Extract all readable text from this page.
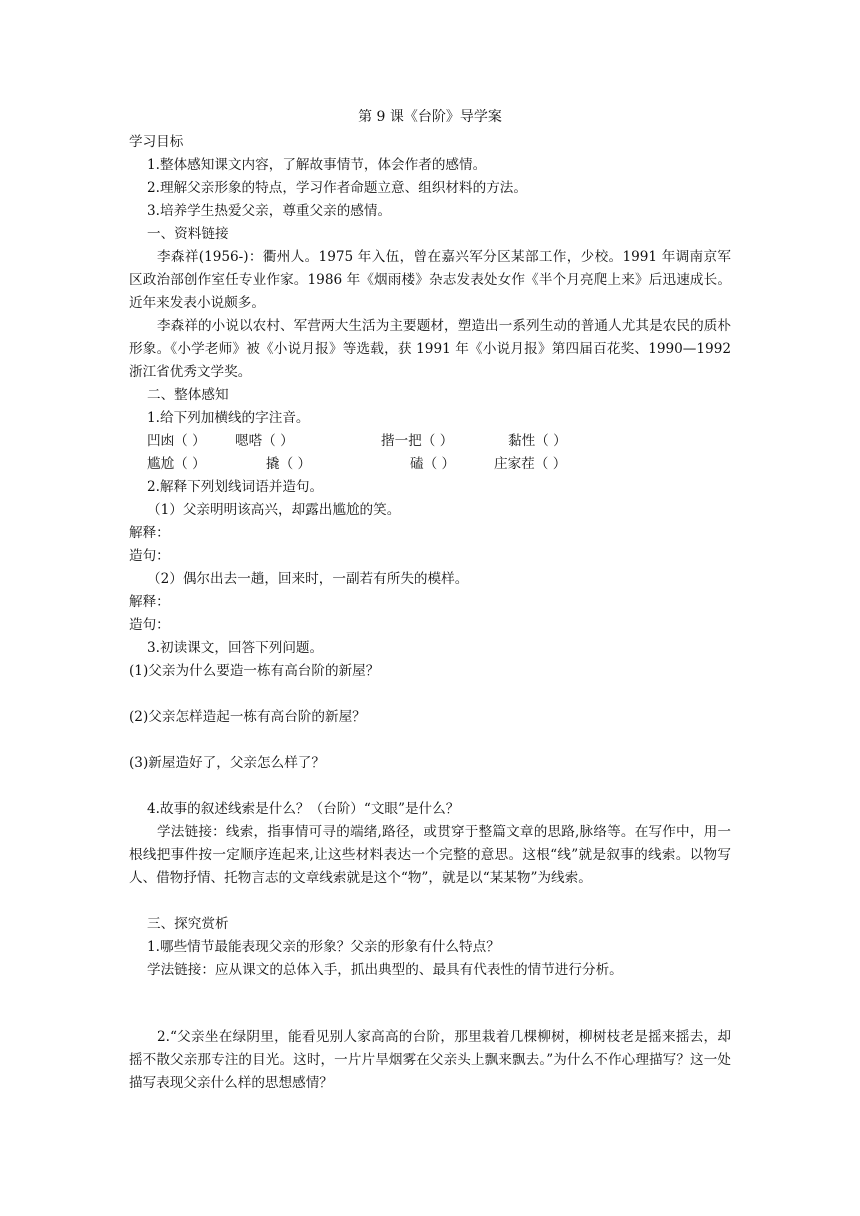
第 9 课《台阶》导学案
学习目标
1.整体感知课文内容，了解故事情节，体会作者的感情。
2.理解父亲形象的特点，学习作者命题立意、组织材料的方法。
3.培养学生热爱父亲，尊重父亲的感情。
一、资料链接
李森祥(1956-)：衢州人。1975 年入伍，曾在嘉兴军分区某部工作，少校。1991 年调南京军区政治部创作室任专业作家。1986 年《烟雨楼》杂志发表处女作《半个月亮爬上来》后迅速成长。近年来发表小说颇多。
李森祥的小说以农村、军营两大生活为主要题材，塑造出一系列生动的普通人尤其是农民的质朴形象。《小学老师》被《小说月报》等选载，获 1991 年《小说月报》第四届百花奖、1990—1992 浙江省优秀文学奖。
二、整体感知
1.给下列加横线的字注音。
凹凼（ ） 嗯嗒（ ）	揩一把（ ）	黏性（ ）
尴尬（ ）	撬（ ）	磕（ ）	庄家茬（ ）
2.解释下列划线词语并造句。
（1）父亲明明该高兴，却露出尴尬的笑。
解释：
造句：
（2）偶尔出去一趟，回来时，一副若有所失的模样。
解释：
造句：
3.初读课文，回答下列问题。
(1)父亲为什么要造一栋有高台阶的新屋？
(2)父亲怎样造起一栋有高台阶的新屋？
(3)新屋造好了，父亲怎么样了？
4.故事的叙述线索是什么？（台阶）“文眼”是什么？
学法链接：线索，指事情可寻的端绪,路径，或贯穿于整篇文章的思路,脉络等。在写作中，用一根线把事件按一定顺序连起来,让这些材料表达一个完整的意思。这根“线”就是叙事的线索。以物写人、借物抒情、托物言志的文章线索就是这个“物”，就是以“某某物”为线索。
三、探究赏析
1.哪些情节最能表现父亲的形象？父亲的形象有什么特点？
学法链接：应从课文的总体入手，抓出典型的、最具有代表性的情节进行分析。
2.“父亲坐在绿阴里，能看见别人家高高的台阶，那里栽着几棵柳树，柳树枝老是摇来摇去，却摇不散父亲那专注的目光。这时，一片片旱烟雾在父亲头上飘来飘去。”为什么不作心理描写？这一处描写表现父亲什么样的思想感情？
